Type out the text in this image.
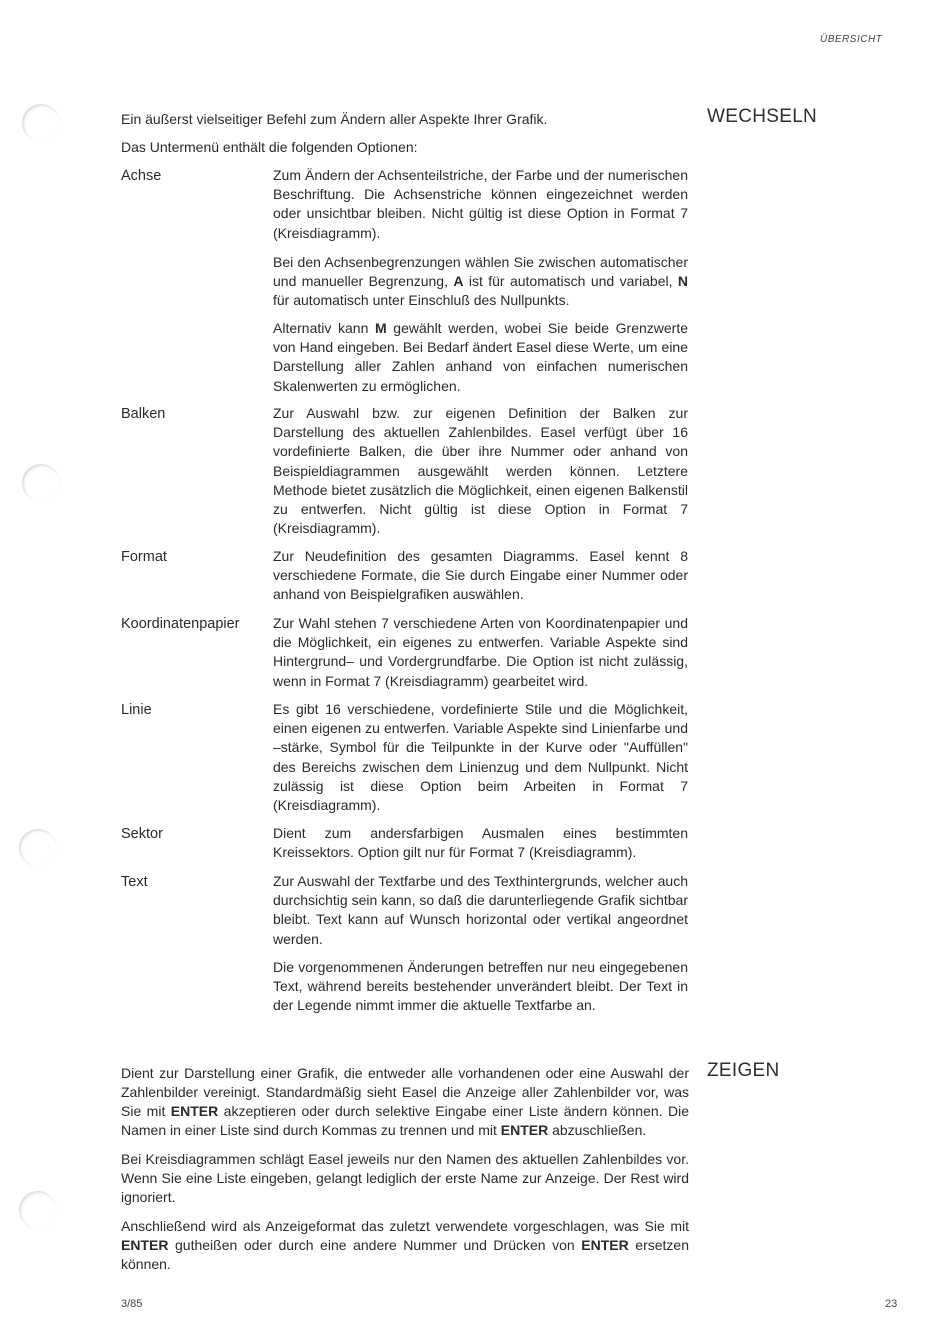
ÜBERSICHT
WECHSELN

Ein äußerst vielseitiger Befehl zum Ändern aller Aspekte Ihrer Grafik.

Das Untermenü enthält die folgenden Optionen:

Achse	Zum Ändern der Achsenteilstriche, der Farbe und der numerischen Beschriftung. Die Achsenstriche können eingezeichnet werden oder unsichtbar bleiben. Nicht gültig ist diese Option in Format 7 (Kreisdiagramm).

Bei den Achsenbegrenzungen wählen Sie zwischen automatischer und manueller Begrenzung, A ist für automatisch und variabel, N für automatisch unter Einschluß des Nullpunkts.

Alternativ kann M gewählt werden, wobei Sie beide Grenzwerte von Hand eingeben. Bei Bedarf ändert Easel diese Werte, um eine Darstellung aller Zahlen anhand von einfachen numerischen Skalenwerten zu ermöglichen.

Balken	Zur Auswahl bzw. zur eigenen Definition der Balken zur Darstellung des aktuellen Zahlenbildes. Easel verfügt über 16 vordefinierte Balken, die über ihre Nummer oder anhand von Beispieldiagrammen ausgewählt werden können. Letztere Methode bietet zusätzlich die Möglichkeit, einen eigenen Balkenstil zu entwerfen. Nicht gültig ist diese Option in Format 7 (Kreisdiagramm).

Format	Zur Neudefinition des gesamten Diagramms. Easel kennt 8 verschiedene Formate, die Sie durch Eingabe einer Nummer oder anhand von Beispielgrafiken auswählen.

Koordinatenpapier Zur Wahl stehen 7 verschiedene Arten von Koordinatenpapier und die Möglichkeit, ein eigenes zu entwerfen. Variable Aspekte sind Hintergrund– und Vordergrundfarbe. Die Option ist nicht zulässig, wenn in Format 7 (Kreisdiagramm) gearbeitet wird.

Linie	Es gibt 16 verschiedene, vordefinierte Stile und die Möglichkeit, einen eigenen zu entwerfen. Variable Aspekte sind Linienfarbe und –stärke, Symbol für die Teilpunkte in der Kurve oder "Auffüllen" des Bereichs zwischen dem Linienzug und dem Nullpunkt. Nicht zulässig ist diese Option beim Arbeiten in Format 7 (Kreisdiagramm).

Sektor	Dient zum andersfarbigen Ausmalen eines bestimmten Kreissektors. Option gilt nur für Format 7 (Kreisdiagramm).

Text	Zur Auswahl der Textfarbe und des Texthintergrunds, welcher auch durchsichtig sein kann, so daß die darunterliegende Grafik sichtbar bleibt. Text kann auf Wunsch horizontal oder vertikal angeordnet werden.

Die vorgenommenen Änderungen betreffen nur neu eingegebenen Text, während bereits bestehender unverändert bleibt. Der Text in der Legende nimmt immer die aktuelle Textfarbe an.

ZEIGEN

Dient zur Darstellung einer Grafik, die entweder alle vorhandenen oder eine Auswahl der Zahlenbilder vereinigt. Standardmäßig sieht Easel die Anzeige aller Zahlenbilder vor, was Sie mit ENTER akzeptieren oder durch selektive Eingabe einer Liste ändern können. Die Namen in einer Liste sind durch Kommas zu trennen und mit ENTER abzuschließen.

Bei Kreisdiagrammen schlägt Easel jeweils nur den Namen des aktuellen Zahlenbildes vor. Wenn Sie eine Liste eingeben, gelangt lediglich der erste Name zur Anzeige. Der Rest wird ignoriert.

Anschließend wird als Anzeigeformat das zuletzt verwendete vorgeschlagen, was Sie mit ENTER gutheißen oder durch eine andere Nummer und Drücken von ENTER ersetzen können.

3/85	23
